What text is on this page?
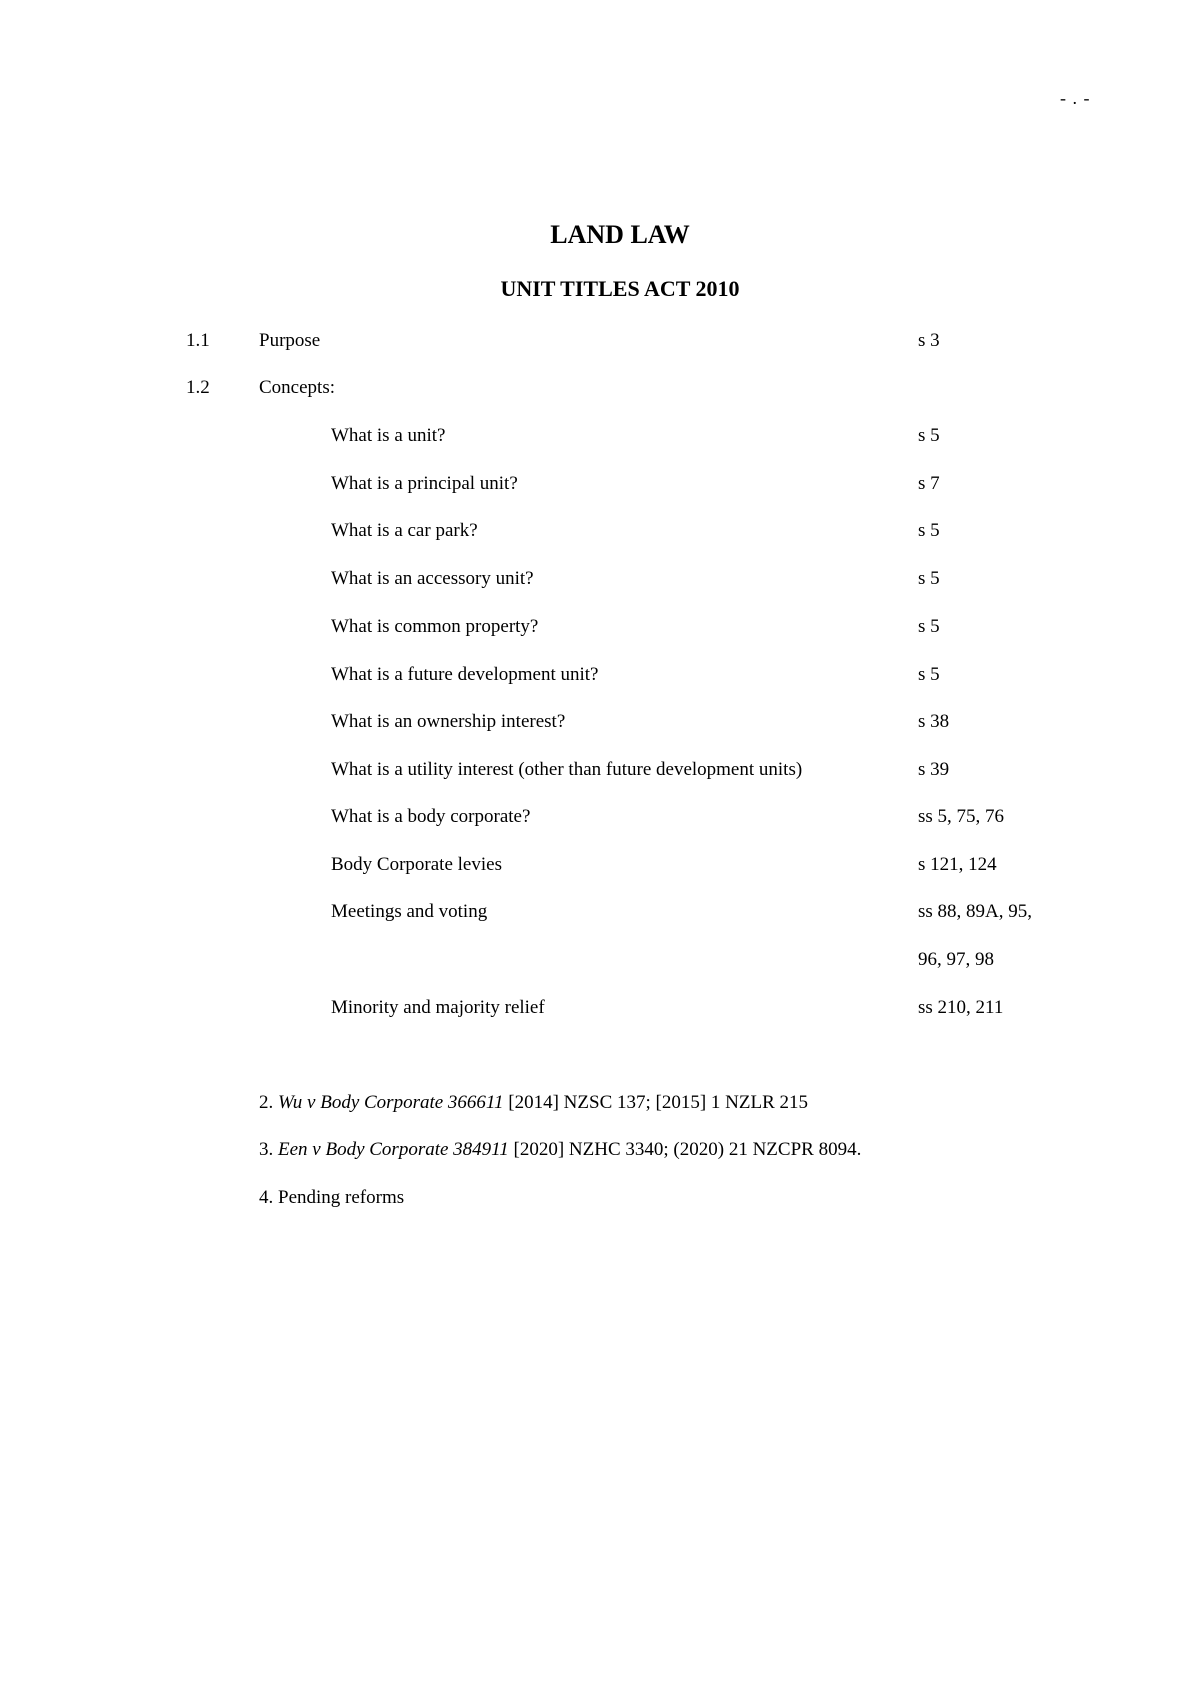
- . -
LAND LAW
UNIT TITLES ACT 2010
1.1	Purpose	s 3
1.2	Concepts:
What is a unit?	s 5
What is a principal unit?	s 7
What is a car park?	s 5
What is an accessory unit?	s 5
What is common property?	s 5
What is a future development unit?	s 5
What is an ownership interest?	s 38
What is a utility interest (other than future development units)	s 39
What is a body corporate?	ss 5, 75, 76
Body Corporate levies	s 121, 124
Meetings and voting	ss 88, 89A, 95,
96, 97, 98
Minority and majority relief	ss 210, 211
2. Wu v Body Corporate 366611 [2014] NZSC 137; [2015] 1 NZLR 215
3. Een v Body Corporate 384911 [2020] NZHC 3340; (2020) 21 NZCPR 8094.
4. Pending reforms
